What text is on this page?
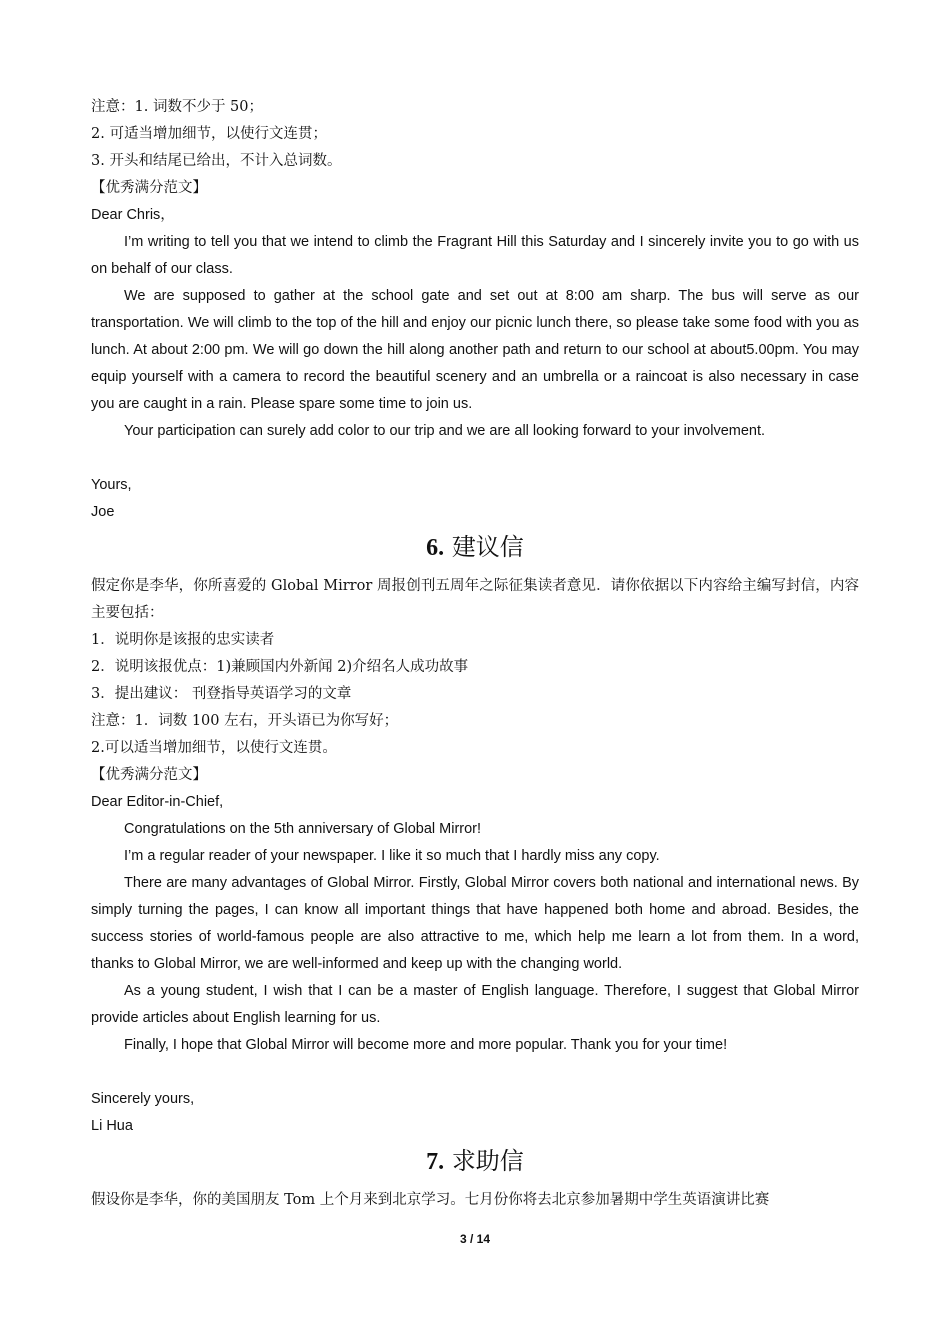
注意：1. 词数不少于 50；

2. 可适当增加细节，以使行文连贯；

3. 开头和结尾已给出，不计入总词数。

【优秀满分范文】

Dear Chris，

I’m writing to tell you that we intend to climb the Fragrant Hill this Saturday and I sincerely invite you to go with us on behalf of our class.

We are supposed to gather at the school gate and set out at 8:00 am sharp. The bus will serve as our transportation. We will climb to the top of the hill and enjoy our picnic lunch there, so please take some food with you as lunch. At about 2:00 pm. We will go down the hill along another path and return to our school at about5.00pm. You may equip yourself with a camera to record the beautiful scenery and an umbrella or a raincoat is also necessary in case you are caught in a rain. Please spare some time to join us.

Your participation can surely add color to our trip and we are all looking forward to your involvement.

Yours,

Joe

6. 建议信

假定你是李华，你所喜爱的 Global Mirror 周报创刊五周年之际征集读者意见．请你依据以下内容给主编写封信，内容主要包括：

1．说明你是该报的忠实读者

2．说明该报优点：1)兼顾国内外新闻 2)介绍名人成功故事

3．提出建议： 刊登指导英语学习的文章

注意：1．词数 100 左右，开头语已为你写好；

2.可以适当增加细节，以使行文连贯。

【优秀满分范文】

Dear Editor-in-Chief,

Congratulations on the 5th anniversary of Global Mirror!

I’m a regular reader of your newspaper. I like it so much that I hardly miss any copy.

There are many advantages of Global Mirror. Firstly, Global Mirror covers both national and international news. By simply turning the pages, I can know all important things that have happened both home and abroad. Besides, the success stories of world-famous people are also attractive to me, which help me learn a lot from them. In a word, thanks to Global Mirror, we are well-informed and keep up with the changing world.

As a young student, I wish that I can be a master of English language. Therefore, I suggest that Global Mirror provide articles about English learning for us.

Finally, I hope that Global Mirror will become more and more popular. Thank you for your time!

Sincerely yours,

Li Hua

7. 求助信

假设你是李华，你的美国朋友 Tom 上个月来到北京学习。七月份你将去北京参加暑期中学生英语演讲比赛

3 / 14
